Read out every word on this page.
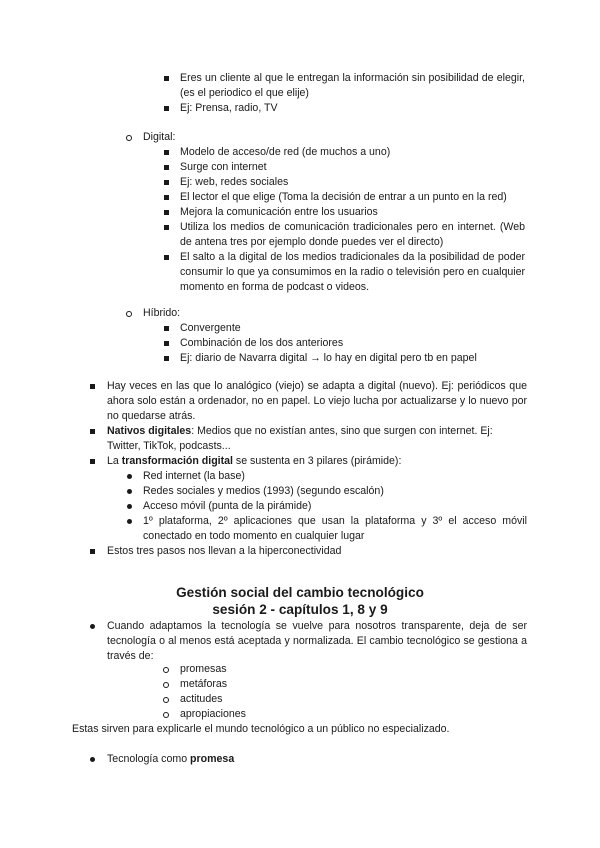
Eres un cliente al que le entregan la información sin posibilidad de elegir, (es el periodico el que elije)
Ej: Prensa, radio, TV
Digital:
Modelo de acceso/de red (de muchos a uno)
Surge con internet
Ej: web, redes sociales
El lector el que elige (Toma la decisión de entrar a un punto en la red)
Mejora la comunicación entre los usuarios
Utiliza los medios de comunicación tradicionales pero en internet. (Web de antena tres por ejemplo donde puedes ver el directo)
El salto a la digital de los medios tradicionales da la posibilidad de poder consumir lo que ya consumimos en la radio o televisión pero en cualquier momento en forma de podcast o videos.
Híbrido:
Convergente
Combinación de los dos anteriores
Ej: diario de Navarra digital → lo hay en digital pero tb en papel
Hay veces en las que lo analógico (viejo) se adapta a digital (nuevo). Ej: periódicos que ahora solo están a ordenador, no en papel. Lo viejo lucha por actualizarse y lo nuevo por no quedarse atrás.
Nativos digitales: Medios que no existían antes, sino que surgen con internet. Ej: Twitter, TikTok, podcasts...
La transformación digital se sustenta en 3 pilares (pirámide):
Red internet (la base)
Redes sociales y medios (1993) (segundo escalón)
Acceso móvil (punta de la pirámide)
1º plataforma, 2º aplicaciones que usan la plataforma y 3º el acceso móvil conectado en todo momento en cualquier lugar
Estos tres pasos nos llevan a la hiperconectividad
Gestión social del cambio tecnológico
sesión 2 - capítulos 1, 8 y 9
Cuando adaptamos la tecnología se vuelve para nosotros transparente, deja de ser tecnología o al menos está aceptada y normalizada. El cambio tecnológico se gestiona a través de:
promesas
metáforas
actitudes
apropiaciones
Estas sirven para explicarle el mundo tecnológico a un público no especializado.
Tecnología como promesa
